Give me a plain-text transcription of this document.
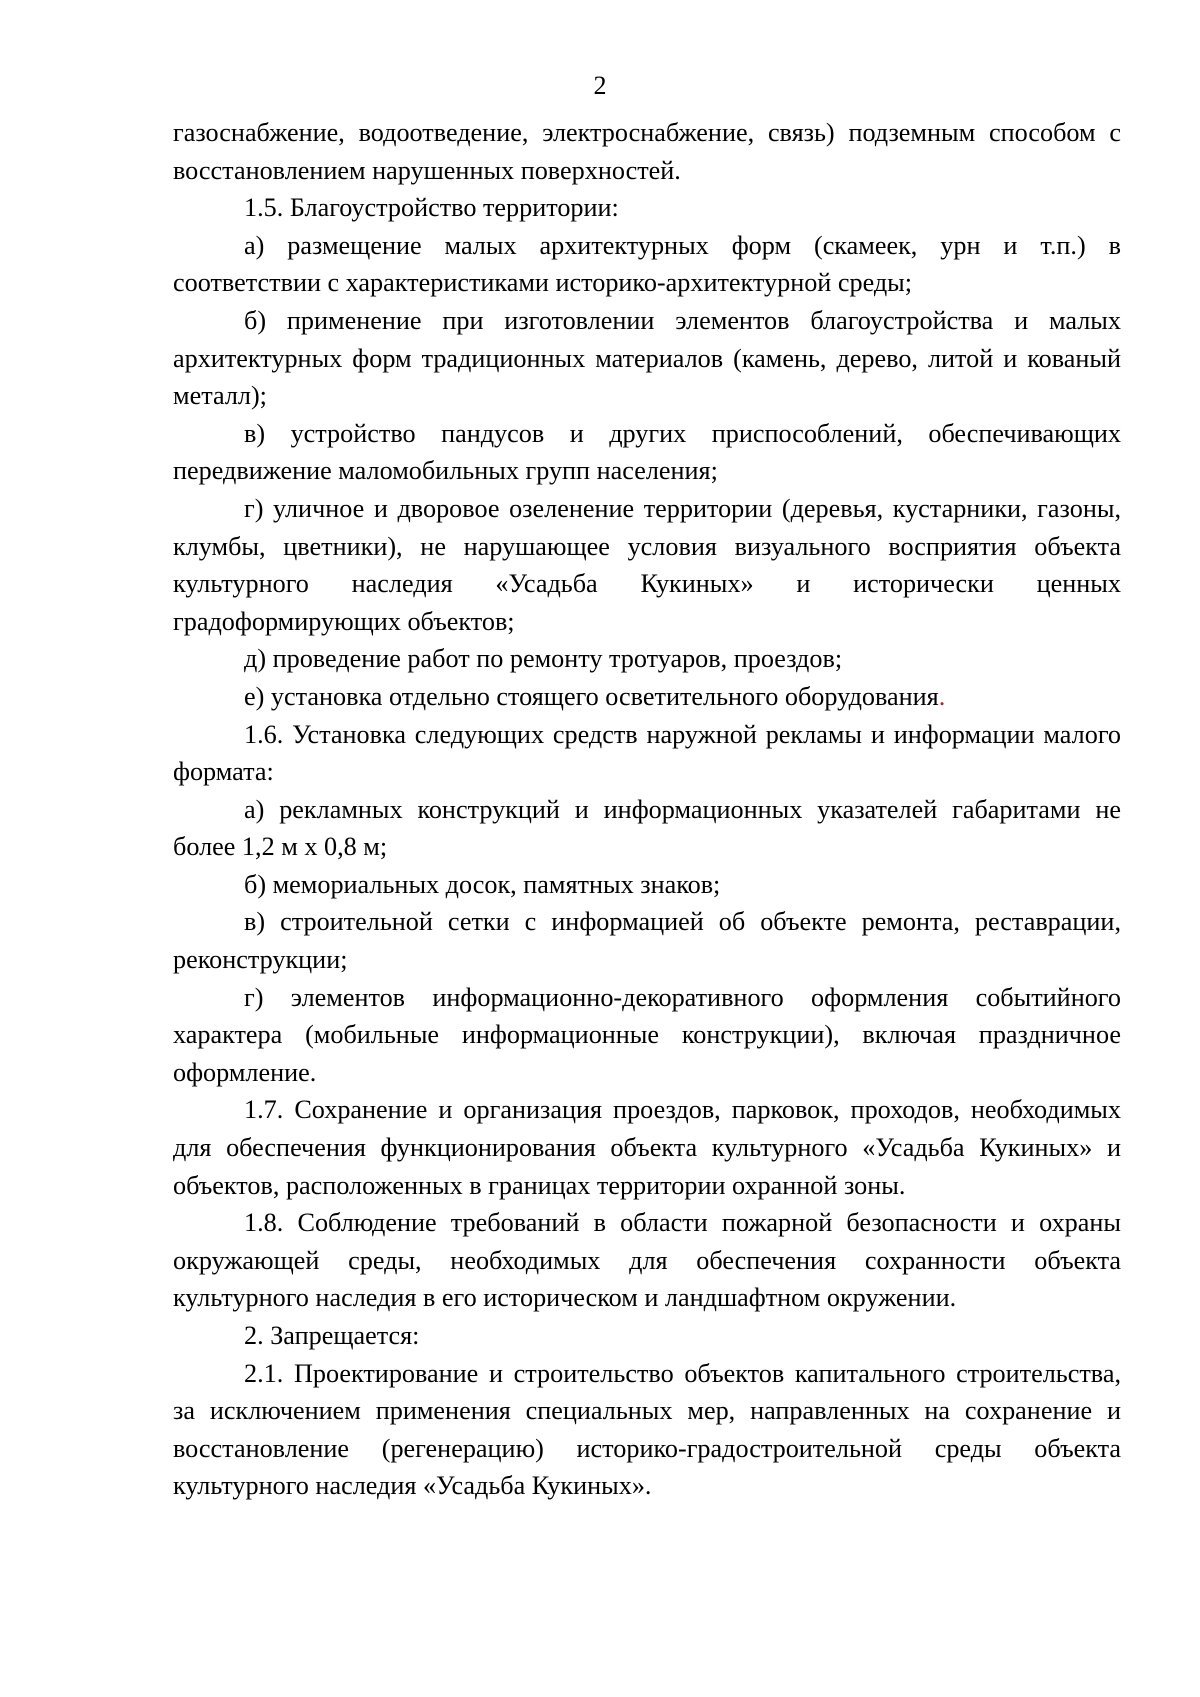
2

газоснабжение, водоотведение, электроснабжение, связь) подземным способом с восстановлением нарушенных поверхностей.

1.5. Благоустройство территории:

а) размещение малых архитектурных форм (скамеек, урн и т.п.) в соответствии с характеристиками историко-архитектурной среды;

б) применение при изготовлении элементов благоустройства и малых архитектурных форм традиционных материалов (камень, дерево, литой и кованый металл);

в) устройство пандусов и других приспособлений, обеспечивающих передвижение маломобильных групп населения;

г) уличное и дворовое озеленение территории (деревья, кустарники, газоны, клумбы, цветники), не нарушающее условия визуального восприятия объекта культурного наследия «Усадьба Кукиных» и исторически ценных градоформирующих объектов;

д) проведение работ по ремонту тротуаров, проездов;

е) установка отдельно стоящего осветительного оборудования.

1.6. Установка следующих средств наружной рекламы и информации малого формата:

а) рекламных конструкций и информационных указателей габаритами не более 1,2 м х 0,8 м;

б) мемориальных досок, памятных знаков;

в) строительной сетки с информацией об объекте ремонта, реставрации, реконструкции;

г) элементов информационно-декоративного оформления событийного характера (мобильные информационные конструкции), включая праздничное оформление.

1.7. Сохранение и организация проездов, парковок, проходов, необходимых для обеспечения функционирования объекта культурного «Усадьба Кукиных» и объектов, расположенных в границах территории охранной зоны.

1.8. Соблюдение требований в области пожарной безопасности и охраны окружающей среды, необходимых для обеспечения сохранности объекта культурного наследия в его историческом и ландшафтном окружении.

2. Запрещается:

2.1. Проектирование и строительство объектов капитального строительства, за исключением применения специальных мер, направленных на сохранение и восстановление (регенерацию) историко-градостроительной среды объекта культурного наследия «Усадьба Кукиных».
